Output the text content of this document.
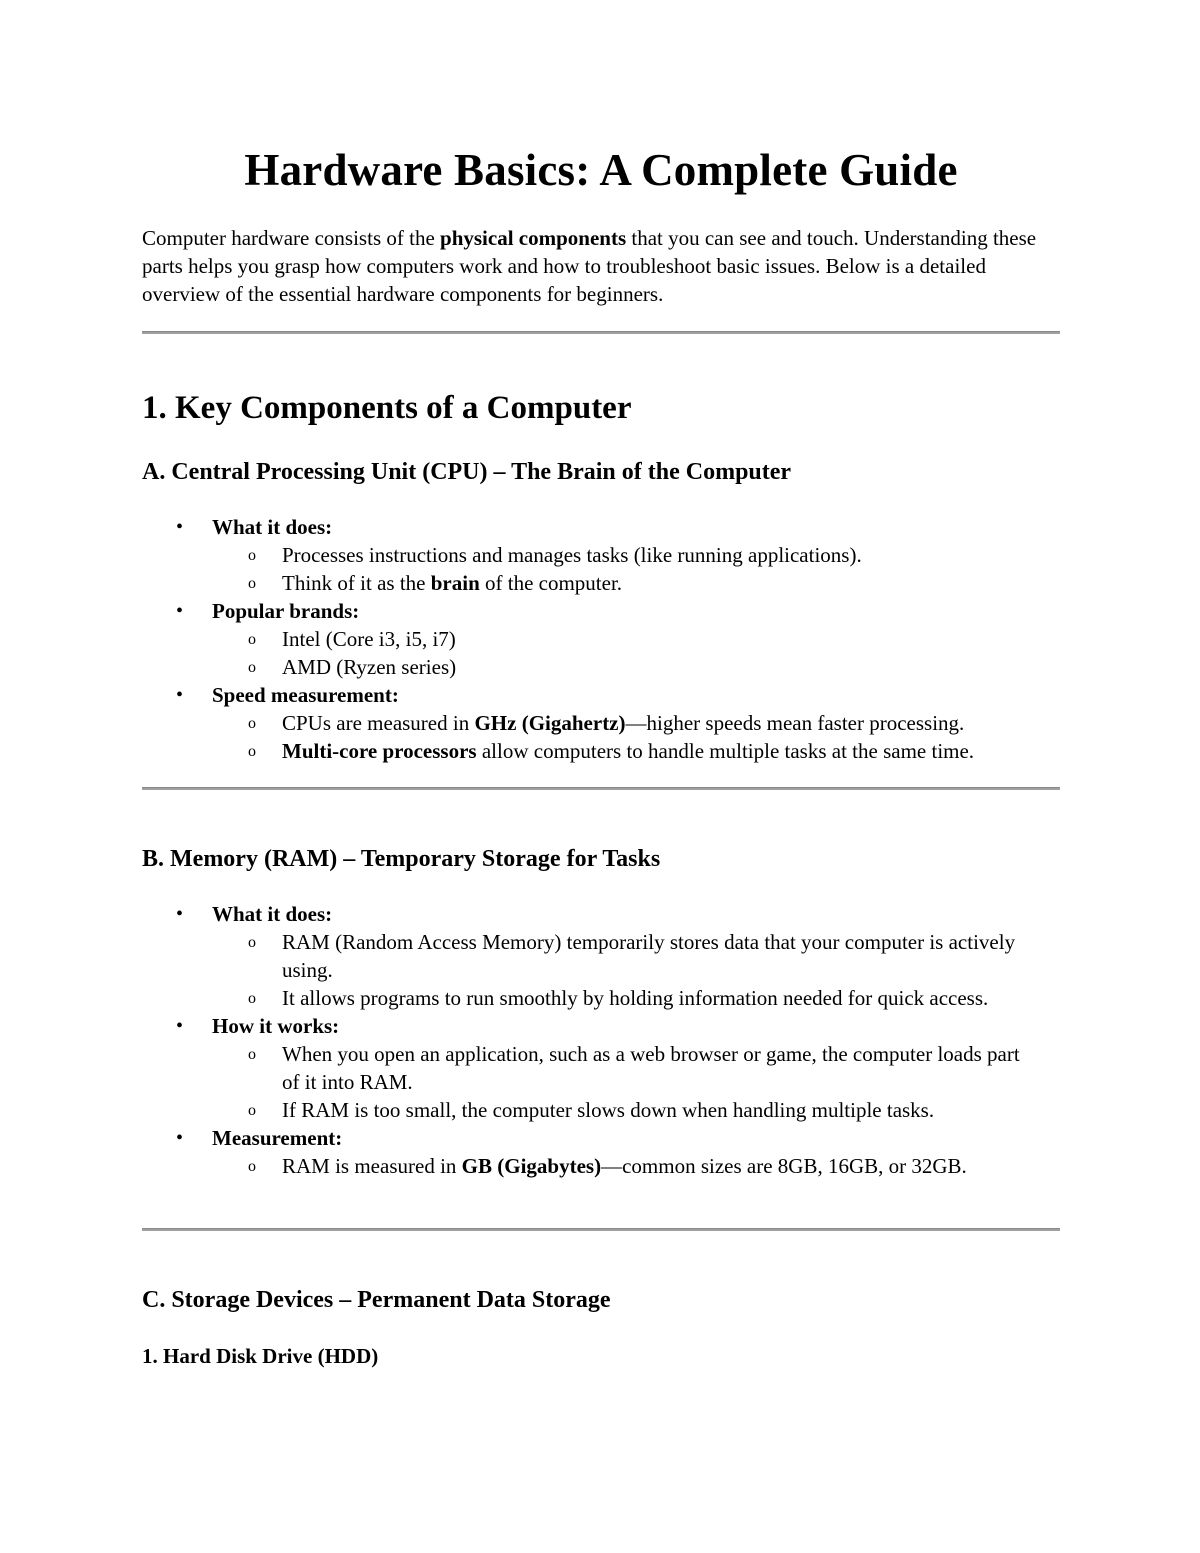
Hardware Basics: A Complete Guide

Computer hardware consists of the physical components that you can see and touch. Understanding these parts helps you grasp how computers work and how to troubleshoot basic issues. Below is a detailed overview of the essential hardware components for beginners.

1. Key Components of a Computer
A. Central Processing Unit (CPU) – The Brain of the Computer
• What it does:
o Processes instructions and manages tasks (like running applications).
o Think of it as the brain of the computer.
• Popular brands:
o Intel (Core i3, i5, i7)
o AMD (Ryzen series)
• Speed measurement:
o CPUs are measured in GHz (Gigahertz)—higher speeds mean faster processing.
o Multi-core processors allow computers to handle multiple tasks at the same time.
B. Memory (RAM) – Temporary Storage for Tasks
• What it does:
o RAM (Random Access Memory) temporarily stores data that your computer is actively using.
o It allows programs to run smoothly by holding information needed for quick access.
• How it works:
o When you open an application, such as a web browser or game, the computer loads part of it into RAM.
o If RAM is too small, the computer slows down when handling multiple tasks.
• Measurement:
o RAM is measured in GB (Gigabytes)—common sizes are 8GB, 16GB, or 32GB.
C. Storage Devices – Permanent Data Storage
1. Hard Disk Drive (HDD)
